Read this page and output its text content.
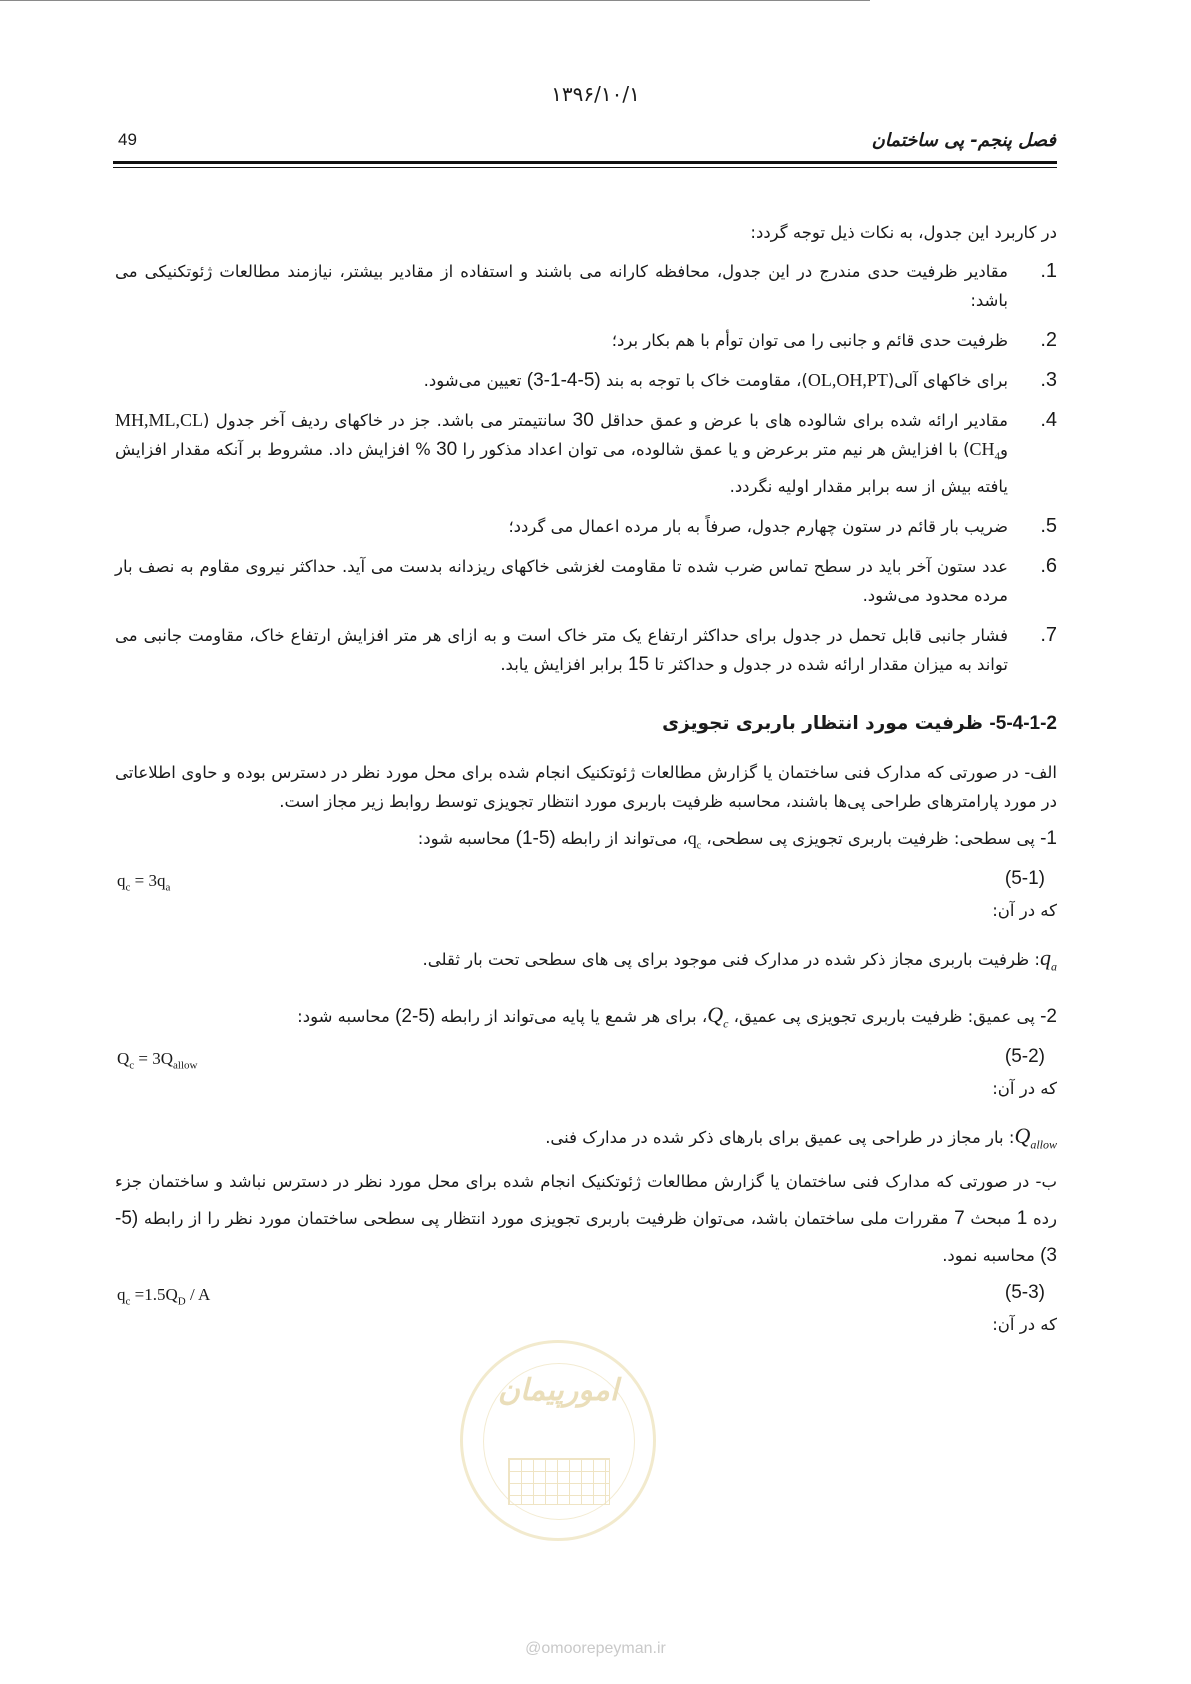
۱۳۹۶/۱۰/۱
49	فصل پنجم- پی ساختمان

در کاربرد این جدول، به نکات ذیل توجه گردد:

1.
مقادیر ظرفیت حدی مندرج در این جدول، محافظه کارانه می باشند و استفاده از مقادیر بیشتر، نیازمند مطالعات ژئوتکنیکی می باشد:

2.
ظرفیت حدی قائم و جانبی را می توان توأم با هم بکار برد؛

3.
برای خاکهای آلی(OL,OH,PT)، مقاومت خاک با توجه به بند (5-4-1-3) تعیین می‌شود.

4.
مقادیر ارائه شده برای شالوده های با عرض و عمق حداقل 30 سانتیمتر می باشد. جز در خاکهای ردیف آخر جدول (MH,ML,CL وCH$_4$) با افزایش هر نیم متر برعرض و یا عمق شالوده، می توان اعداد مذکور را 30 % افزایش داد. مشروط بر آنکه مقدار افزایش یافته بیش از سه برابر مقدار اولیه نگردد.

5.
ضریب بار قائم در ستون چهارم جدول، صرفاً به بار مرده اعمال می گردد؛

6.
عدد ستون آخر باید در سطح تماس ضرب شده تا مقاومت لغزشی خاکهای ریزدانه بدست می آید. حداکثر نیروی مقاوم به نصف بار مرده محدود می‌شود.

7.
فشار جانبی قابل تحمل در جدول برای حداکثر ارتفاع یک متر خاک است و به ازای هر متر افزایش ارتفاع خاک، مقاومت جانبی می تواند به میزان مقدار ارائه شده در جدول و حداکثر تا 15 برابر افزایش یابد.

5-4-1-2- ظرفیت مورد انتظار باربری تجویزی

الف- در صورتی که مدارک فنی ساختمان یا گزارش مطالعات ژئوتکنیک انجام شده برای محل مورد نظر در دسترس بوده و حاوی اطلاعاتی در مورد پارامترهای طراحی پی‌ها باشند، محاسبه ظرفیت باربری مورد انتظار تجویزی توسط روابط زیر مجاز است.

1- پی سطحی: ظرفیت باربری تجویزی پی سطحی، $q_c،$ می‌تواند از رابطه (5-1) محاسبه شود:

(5-1)
$q_c = 3q_a$

که در آن:

$q_a$: ظرفیت باربری مجاز ذکر شده در مدارک فنی موجود برای پی های سطحی تحت بار ثقلی.

2- پی عمیق: ظرفیت باربری تجویزی پی عمیق، $Q_c،$ برای هر شمع یا پایه می‌تواند از رابطه (5-2) محاسبه شود:

(5-2)
$Q_c = 3Q_{allow}$

که در آن:

$Q_{allow}$: بار مجاز در طراحی پی عمیق برای بارهای ذکر شده در مدارک فنی.

ب- در صورتی که مدارک فنی ساختمان یا گزارش مطالعات ژئوتکنیک انجام شده برای محل مورد نظر در دسترس نباشد و ساختمان جزء رده 1 مبحث 7 مقررات ملی ساختمان باشد، می‌توان ظرفیت باربری تجویزی مورد انتظار پی سطحی ساختمان مورد نظر را از رابطه (5-3) محاسبه نمود.

(5-3)
$q_c =1.5Q_D / A$

که در آن:

امورپیمان
@omoorepeyman.ir
